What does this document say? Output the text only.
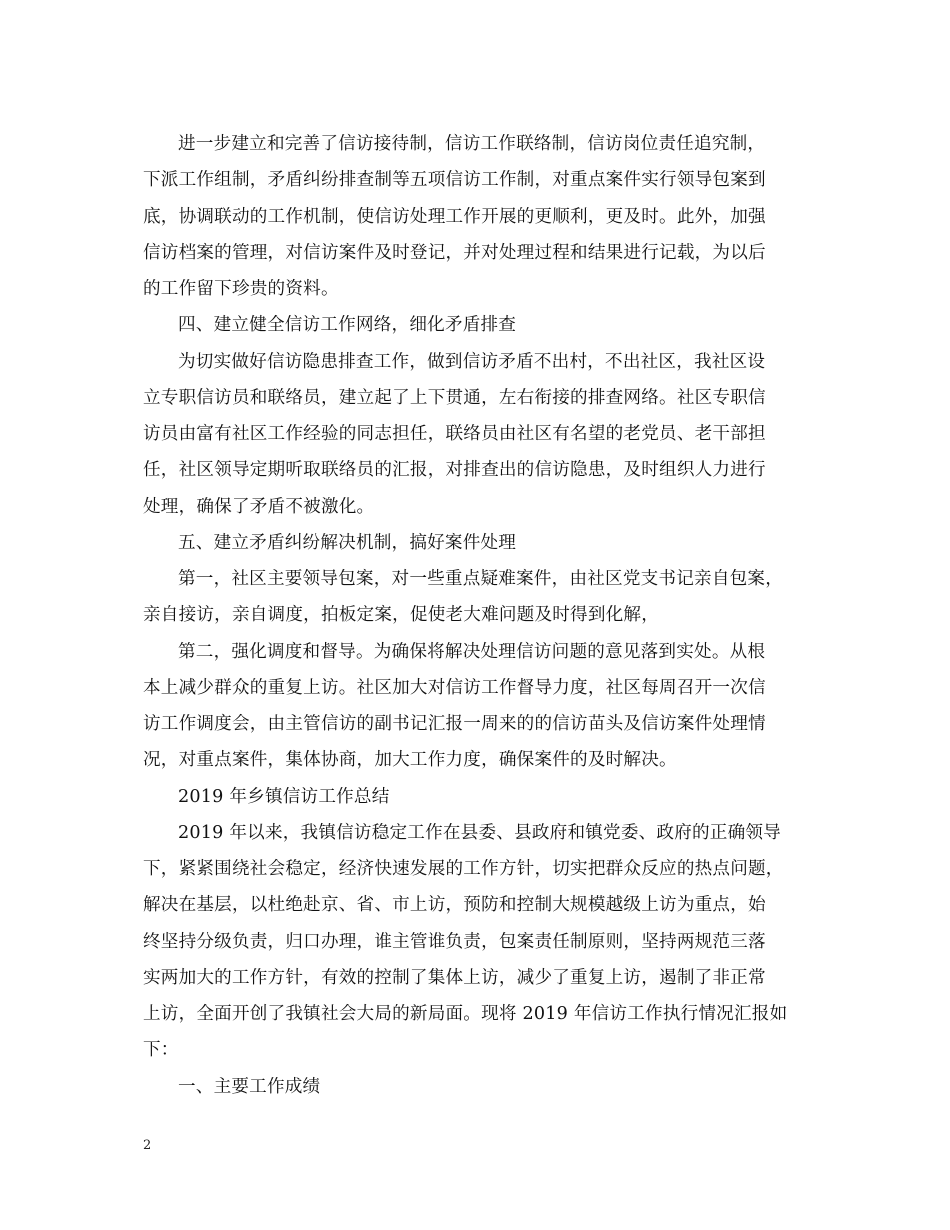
进一步建立和完善了信访接待制，信访工作联络制，信访岗位责任追究制，
下派工作组制，矛盾纠纷排查制等五项信访工作制，对重点案件实行领导包案到
底，协调联动的工作机制，使信访处理工作开展的更顺利，更及时。此外，加强
信访档案的管理，对信访案件及时登记，并对处理过程和结果进行记载，为以后
的工作留下珍贵的资料。

四、建立健全信访工作网络，细化矛盾排查

为切实做好信访隐患排查工作，做到信访矛盾不出村，不出社区，我社区设
立专职信访员和联络员，建立起了上下贯通，左右衔接的排查网络。社区专职信
访员由富有社区工作经验的同志担任，联络员由社区有名望的老党员、老干部担
任，社区领导定期听取联络员的汇报，对排查出的信访隐患，及时组织人力进行
处理，确保了矛盾不被激化。

五、建立矛盾纠纷解决机制，搞好案件处理

第一，社区主要领导包案，对一些重点疑难案件，由社区党支书记亲自包案，
亲自接访，亲自调度，拍板定案，促使老大难问题及时得到化解，

第二，强化调度和督导。为确保将解决处理信访问题的意见落到实处。从根
本上减少群众的重复上访。社区加大对信访工作督导力度，社区每周召开一次信
访工作调度会，由主管信访的副书记汇报一周来的的信访苗头及信访案件处理情
况，对重点案件，集体协商，加大工作力度，确保案件的及时解决。

2019 年乡镇信访工作总结

2019 年以来，我镇信访稳定工作在县委、县政府和镇党委、政府的正确领导
下，紧紧围绕社会稳定，经济快速发展的工作方针，切实把群众反应的热点问题，
解决在基层，以杜绝赴京、省、市上访，预防和控制大规模越级上访为重点，始
终坚持分级负责，归口办理，谁主管谁负责，包案责任制原则，坚持两规范三落
实两加大的工作方针，有效的控制了集体上访，减少了重复上访，遏制了非正常
上访，全面开创了我镇社会大局的新局面。现将 2019 年信访工作执行情况汇报如
下：

一、主要工作成绩

2
